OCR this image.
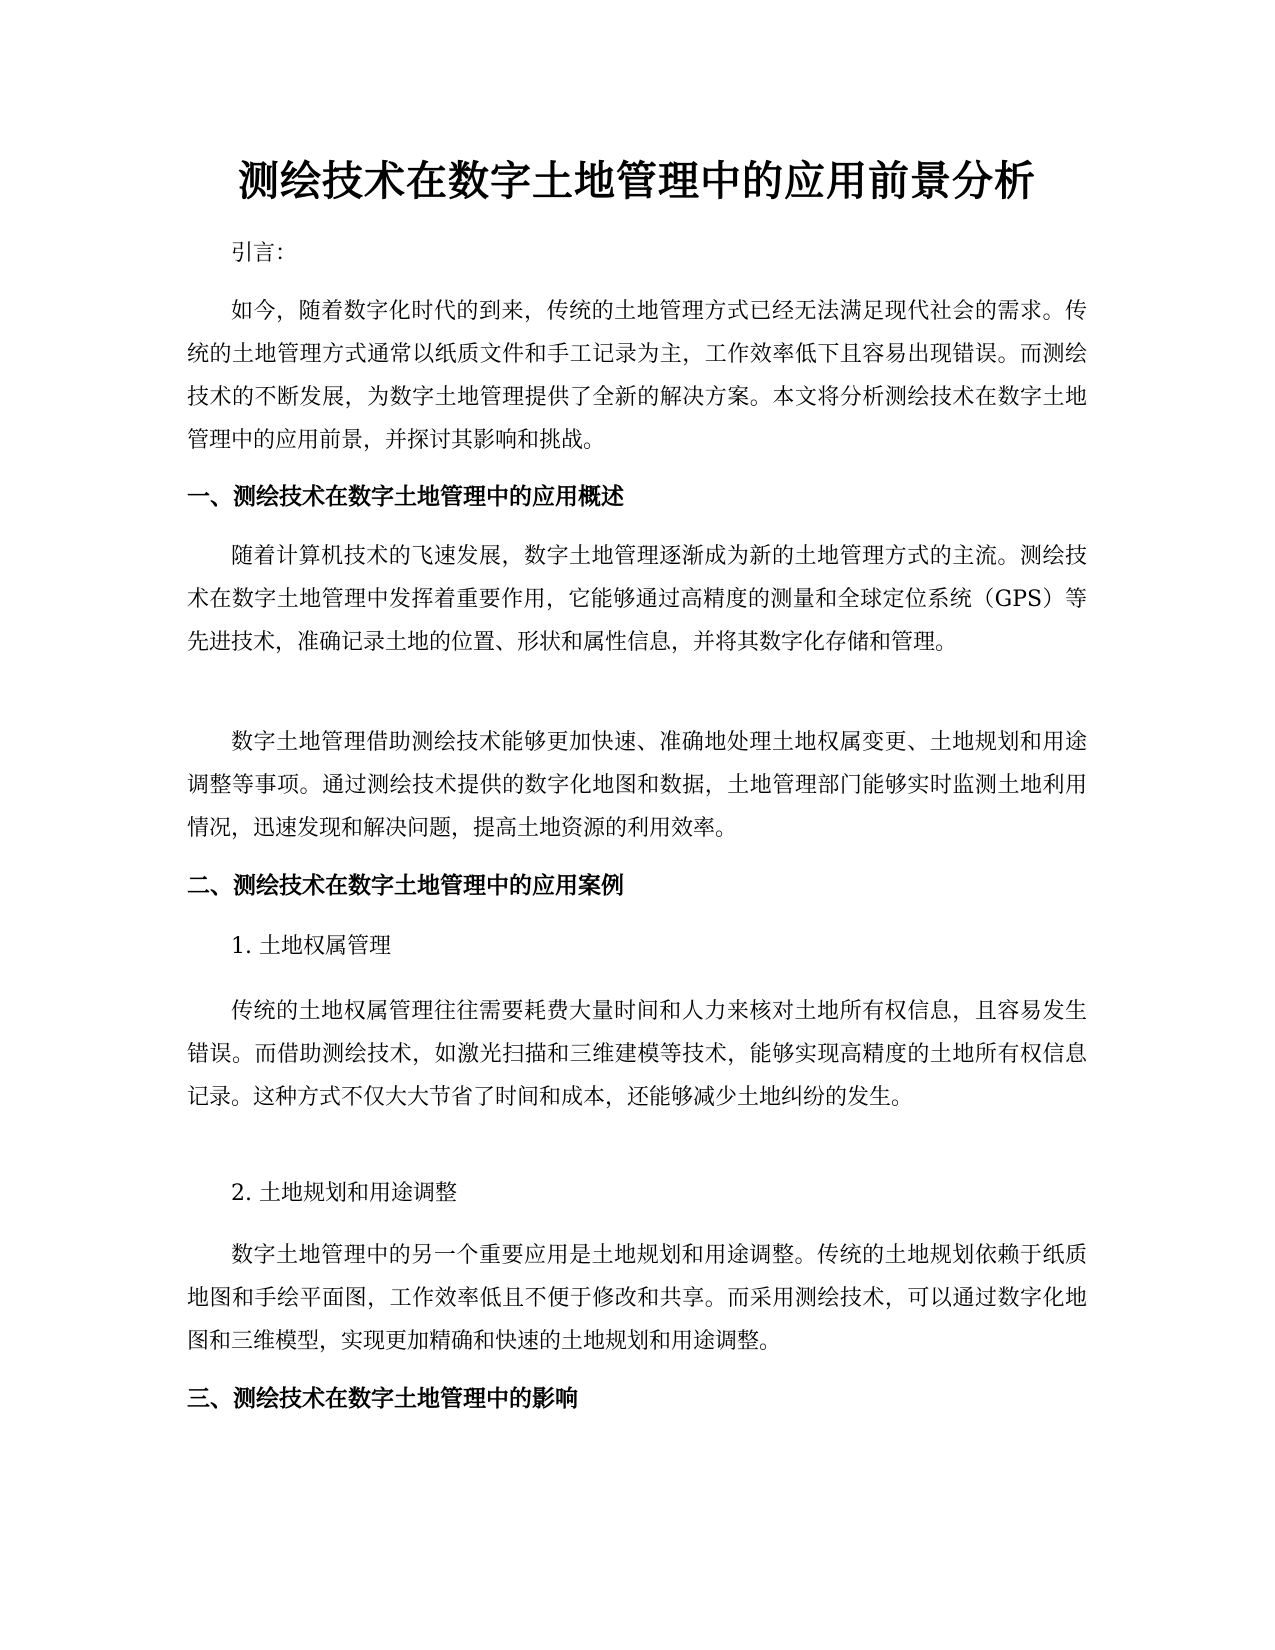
测绘技术在数字土地管理中的应用前景分析

引言：

如今，随着数字化时代的到来，传统的土地管理方式已经无法满足现代社会的需求。传统的土地管理方式通常以纸质文件和手工记录为主，工作效率低下且容易出现错误。而测绘技术的不断发展，为数字土地管理提供了全新的解决方案。本文将分析测绘技术在数字土地管理中的应用前景，并探讨其影响和挑战。

一、测绘技术在数字土地管理中的应用概述

随着计算机技术的飞速发展，数字土地管理逐渐成为新的土地管理方式的主流。测绘技术在数字土地管理中发挥着重要作用，它能够通过高精度的测量和全球定位系统（GPS）等先进技术，准确记录土地的位置、形状和属性信息，并将其数字化存储和管理。

数字土地管理借助测绘技术能够更加快速、准确地处理土地权属变更、土地规划和用途调整等事项。通过测绘技术提供的数字化地图和数据，土地管理部门能够实时监测土地利用情况，迅速发现和解决问题，提高土地资源的利用效率。

二、测绘技术在数字土地管理中的应用案例

1. 土地权属管理

传统的土地权属管理往往需要耗费大量时间和人力来核对土地所有权信息，且容易发生错误。而借助测绘技术，如激光扫描和三维建模等技术，能够实现高精度的土地所有权信息记录。这种方式不仅大大节省了时间和成本，还能够减少土地纠纷的发生。

2. 土地规划和用途调整

数字土地管理中的另一个重要应用是土地规划和用途调整。传统的土地规划依赖于纸质地图和手绘平面图，工作效率低且不便于修改和共享。而采用测绘技术，可以通过数字化地图和三维模型，实现更加精确和快速的土地规划和用途调整。

三、测绘技术在数字土地管理中的影响
